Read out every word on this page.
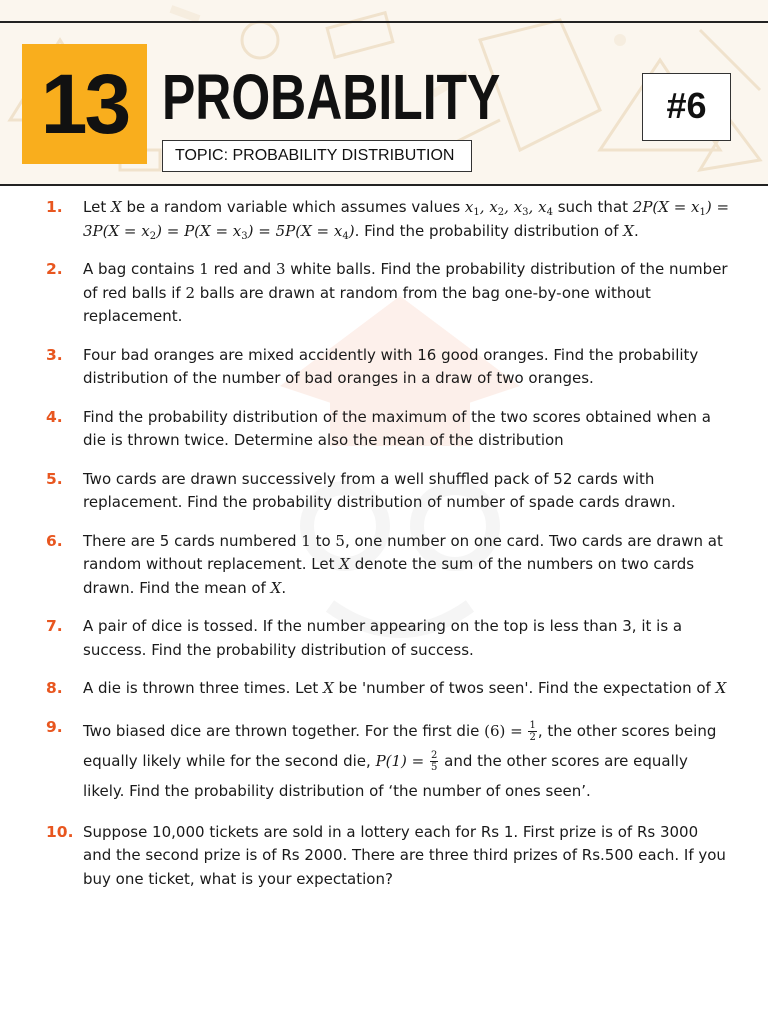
13 PROBABILITY
TOPIC: PROBABILITY DISTRIBUTION
#6
1. Let X be a random variable which assumes values $x_1$, $x_2$, $x_3$, $x_4$ such that $2P(X = x_1) = 3P(X = x_2) = P(X = x_3) = 5P(X = x_4)$. Find the probability distribution of X.
2. A bag contains 1 red and 3 white balls. Find the probability distribution of the number of red balls if 2 balls are drawn at random from the bag one-by-one without replacement.
3. Four bad oranges are mixed accidently with 16 good oranges. Find the probability distribution of the number of bad oranges in a draw of two oranges.
4. Find the probability distribution of the maximum of the two scores obtained when a die is thrown twice. Determine also the mean of the distribution
5. Two cards are drawn successively from a well shuffled pack of 52 cards with replacement. Find the probability distribution of number of spade cards drawn.
6. There are 5 cards numbered 1 to 5, one number on one card. Two cards are drawn at random without replacement. Let X denote the sum of the numbers on two cards drawn. Find the mean of X.
7. A pair of dice is tossed. If the number appearing on the top is less than 3, it is a success. Find the probability distribution of success.
8. A die is thrown three times. Let X be 'number of twos seen'. Find the expectation of X
9. Two biased dice are thrown together. For the first die $(6) = \frac{1}{2}$ , the other scores being equally likely while for the second die, $P(1) = \frac{2}{5}$ and the other scores are equally likely. Find the probability distribution of ‘the number of ones seen’.
10. Suppose 10,000 tickets are sold in a lottery each for Rs 1. First prize is of Rs 3000 and the second prize is of Rs 2000. There are three third prizes of Rs.500 each. If you buy one ticket, what is your expectation?
